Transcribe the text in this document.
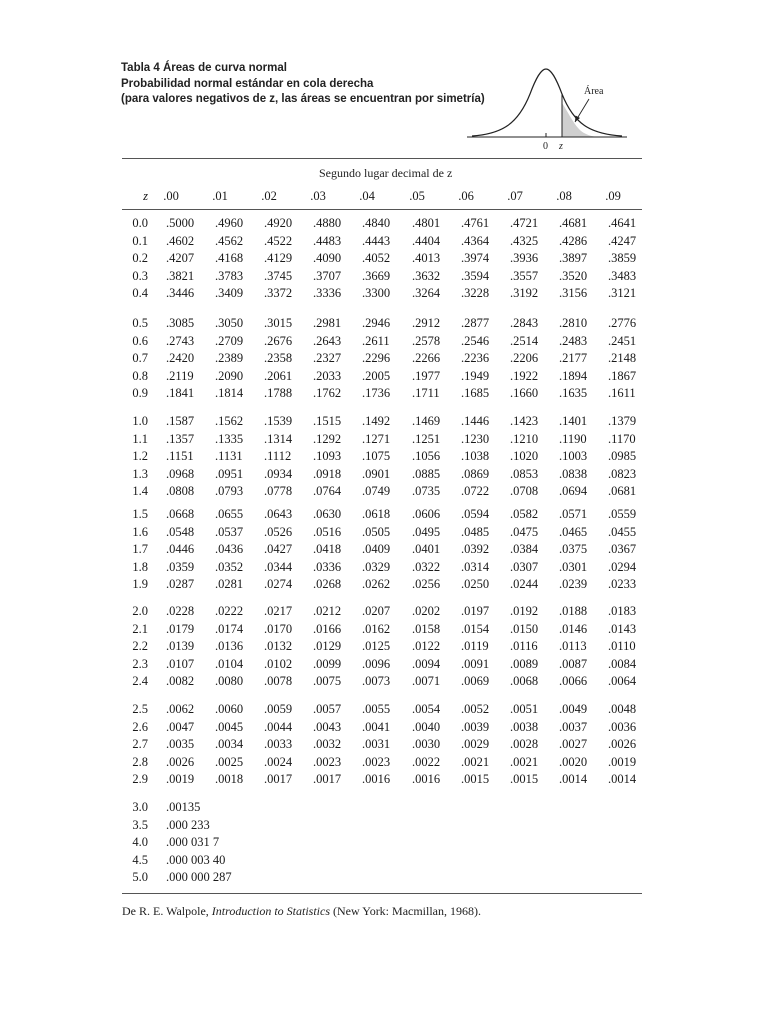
Tabla 4 Áreas de curva normal
Probabilidad normal estándar en cola derecha
(para valores negativos de z, las áreas se encuentran por simetría)
Área
0 z
Segundo lugar decimal de z
z	.00	.01	.02	.03	.04	.05	.06	.07	.08	.09
0.0 .5000 .4960 .4920 .4880 .4840 .4801 .4761 .4721 .4681 .4641
0.1 .4602 .4562 .4522 .4483 .4443 .4404 .4364 .4325 .4286 .4247
0.2 .4207 .4168 .4129 .4090 .4052 .4013 .3974 .3936 .3897 .3859
0.3 .3821 .3783 .3745 .3707 .3669 .3632 .3594 .3557 .3520 .3483
0.4 .3446 .3409 .3372 .3336 .3300 .3264 .3228 .3192 .3156 .3121
0.5 .3085 .3050 .3015 .2981 .2946 .2912 .2877 .2843 .2810 .2776
0.6 .2743 .2709 .2676 .2643 .2611 .2578 .2546 .2514 .2483 .2451
0.7 .2420 .2389 .2358 .2327 .2296 .2266 .2236 .2206 .2177 .2148
0.8 .2119 .2090 .2061 .2033 .2005 .1977 .1949 .1922 .1894 .1867
0.9 .1841 .1814 .1788 .1762 .1736 .1711 .1685 .1660 .1635 .1611
1.0 .1587 .1562 .1539 .1515 .1492 .1469 .1446 .1423 .1401 .1379
1.1 .1357 .1335 .1314 .1292 .1271 .1251 .1230 .1210 .1190 .1170
1.2 .1151 .1131 .1112 .1093 .1075 .1056 .1038 .1020 .1003 .0985
1.3 .0968 .0951 .0934 .0918 .0901 .0885 .0869 .0853 .0838 .0823
1.4 .0808 .0793 .0778 .0764 .0749 .0735 .0722 .0708 .0694 .0681
1.5 .0668 .0655 .0643 .0630 .0618 .0606 .0594 .0582 .0571 .0559
1.6 .0548 .0537 .0526 .0516 .0505 .0495 .0485 .0475 .0465 .0455
1.7 .0446 .0436 .0427 .0418 .0409 .0401 .0392 .0384 .0375 .0367
1.8 .0359 .0352 .0344 .0336 .0329 .0322 .0314 .0307 .0301 .0294
1.9 .0287 .0281 .0274 .0268 .0262 .0256 .0250 .0244 .0239 .0233
2.0 .0228 .0222 .0217 .0212 .0207 .0202 .0197 .0192 .0188 .0183
2.1 .0179 .0174 .0170 .0166 .0162 .0158 .0154 .0150 .0146 .0143
2.2 .0139 .0136 .0132 .0129 .0125 .0122 .0119 .0116 .0113 .0110
2.3 .0107 .0104 .0102 .0099 .0096 .0094 .0091 .0089 .0087 .0084
2.4 .0082 .0080 .0078 .0075 .0073 .0071 .0069 .0068 .0066 .0064
2.5 .0062 .0060 .0059 .0057 .0055 .0054 .0052 .0051 .0049 .0048
2.6 .0047 .0045 .0044 .0043 .0041 .0040 .0039 .0038 .0037 .0036
2.7 .0035 .0034 .0033 .0032 .0031 .0030 .0029 .0028 .0027 .0026
2.8 .0026 .0025 .0024 .0023 .0023 .0022 .0021 .0021 .0020 .0019
2.9 .0019 .0018 .0017 .0017 .0016 .0016 .0015 .0015 .0014 .0014
3.0 .00135
3.5 .000 233
4.0 .000 031 7
4.5 .000 003 40
5.0 .000 000 287
De R. E. Walpole, Introduction to Statistics (New York: Macmillan, 1968).
